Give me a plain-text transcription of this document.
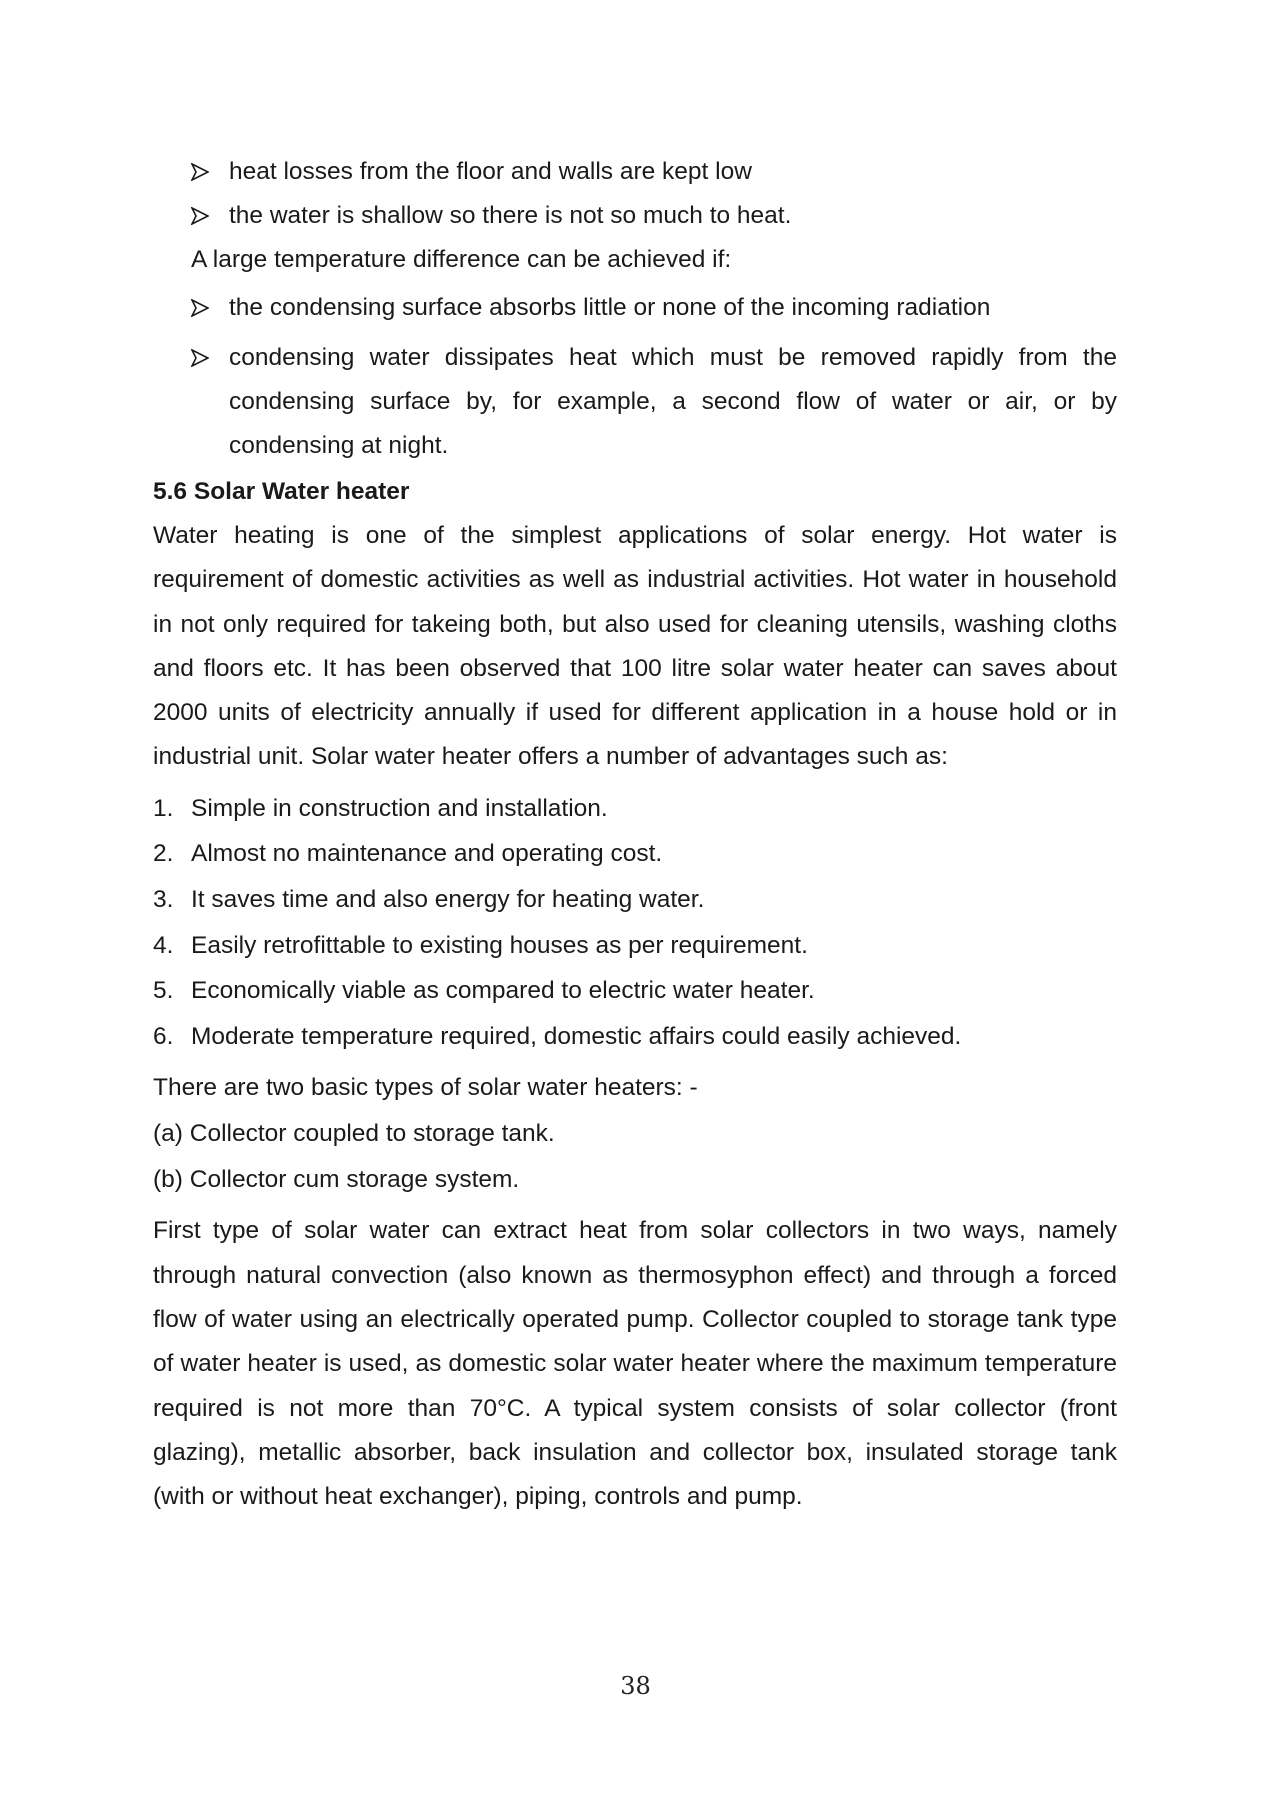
heat losses from the floor and walls are kept low
the water is shallow so there is not so much to heat.
A large temperature difference can be achieved if:
the condensing surface absorbs little or none of the incoming radiation
condensing water dissipates heat which must be removed rapidly from the condensing surface by, for example, a second flow of water or air, or by condensing at night.
5.6 Solar Water heater
Water heating is one of the simplest applications of solar energy. Hot water is requirement of domestic activities as well as industrial activities. Hot water in household in not only required for takeing both, but also used for cleaning utensils, washing cloths and floors etc. It has been observed that 100 litre solar water heater can saves about 2000 units of electricity annually if used for different application in a house hold or in industrial unit. Solar water heater offers a number of advantages such as:
1. Simple in construction and installation.
2. Almost no maintenance and operating cost.
3. It saves time and also energy for heating water.
4. Easily retrofittable to existing houses as per requirement.
5. Economically viable as compared to electric water heater.
6. Moderate temperature required, domestic affairs could easily achieved.
There are two basic types of solar water heaters: -
(a) Collector coupled to storage tank.
(b) Collector cum storage system.
First type of solar water can extract heat from solar collectors in two ways, namely through natural convection (also known as thermosyphon effect) and through a forced flow of water using an electrically operated pump. Collector coupled to storage tank type of water heater is used, as domestic solar water heater where the maximum temperature required is not more than 70°C. A typical system consists of solar collector (front glazing), metallic absorber, back insulation and collector box, insulated storage tank (with or without heat exchanger), piping, controls and pump.
38
